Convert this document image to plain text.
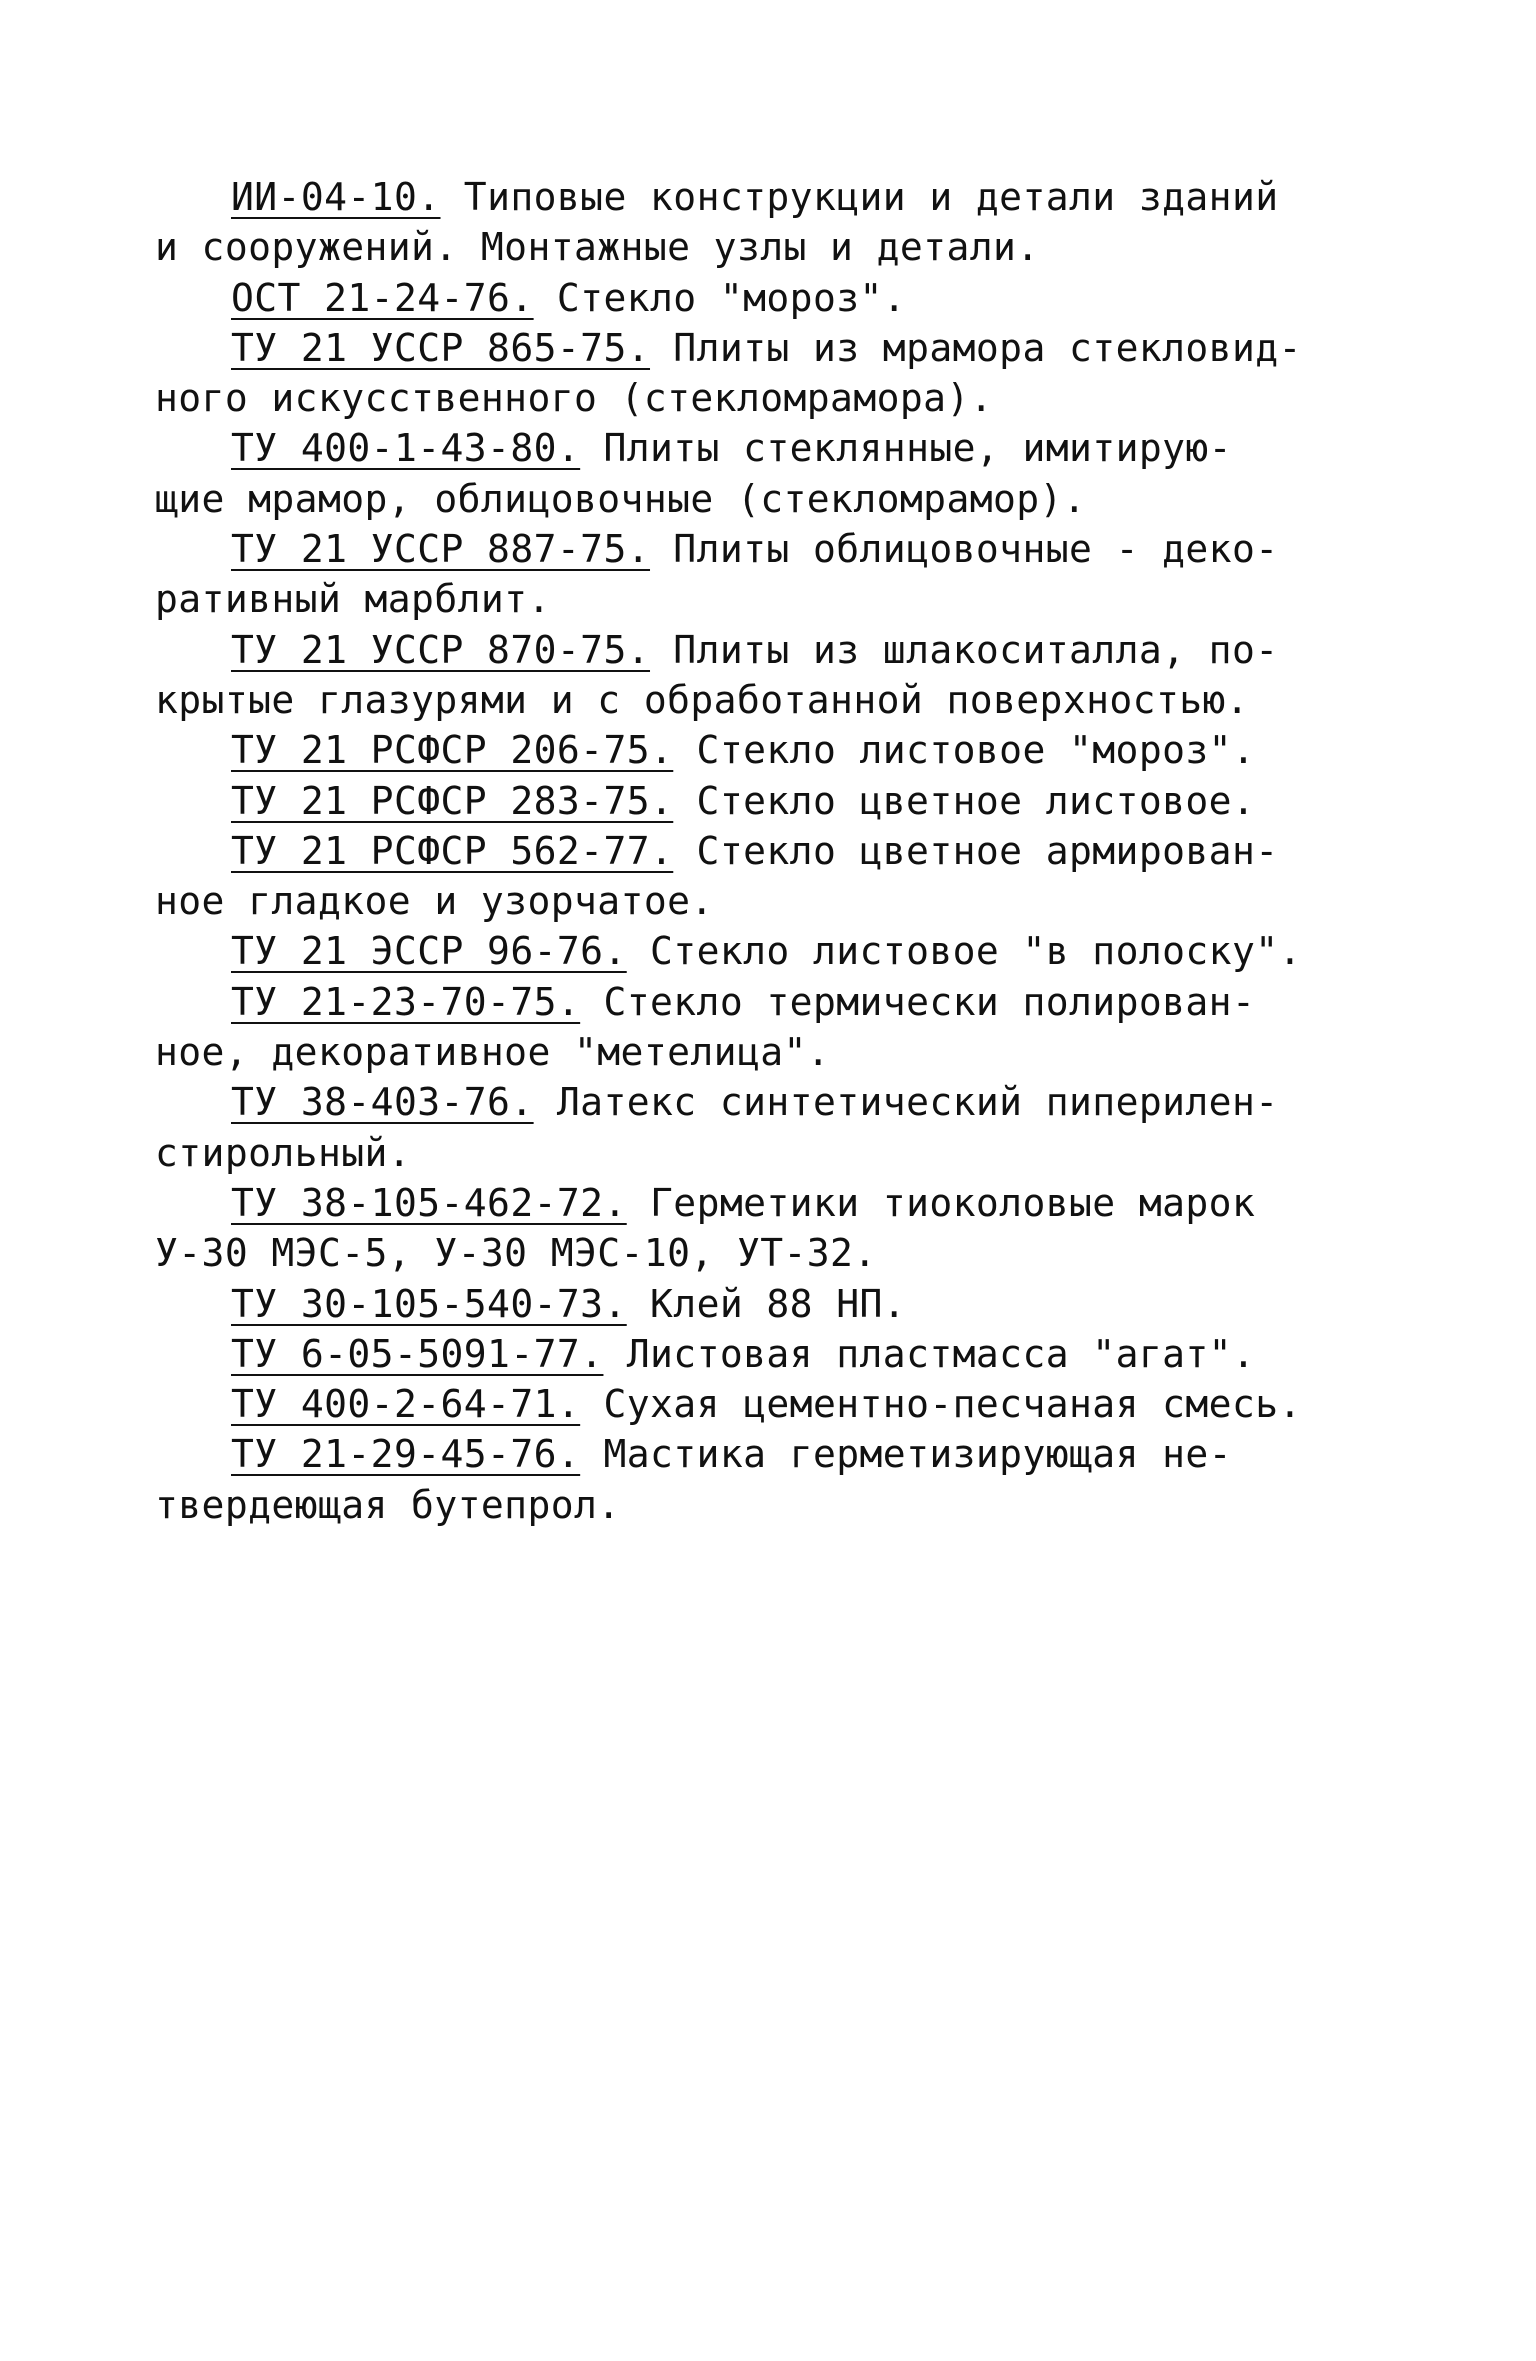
ИИ-04-10. Типовые конструкции и детали зданий
и сооружений. Монтажные узлы и детали.
ОСТ 21-24-76. Стекло "мороз".
ТУ 21 УССР 865-75. Плиты из мрамора стекловид-
ного искусственного (стекломрамора).
ТУ 400-1-43-80. Плиты стеклянные, имитирую-
щие мрамор, облицовочные (стекломрамор).
ТУ 21 УССР 887-75. Плиты облицовочные - деко-
ративный марблит.
ТУ 21 УССР 870-75. Плиты из шлакоситалла, по-
крытые глазурями и с обработанной поверхностью.
ТУ 21 РСФСР 206-75. Стекло листовое "мороз".
ТУ 21 РСФСР 283-75. Стекло цветное листовое.
ТУ 21 РСФСР 562-77. Стекло цветное армирован-
ное гладкое и узорчатое.
ТУ 21 ЭССР 96-76. Стекло листовое "в полоску".
ТУ 21-23-70-75. Стекло термически полирован-
ное, декоративное "метелица".
ТУ 38-403-76. Латекс синтетический пиперилен-
стирольный.
ТУ 38-105-462-72. Герметики тиоколовые марок
У-30 МЭС-5, У-30 МЭС-10, УТ-32.
ТУ 30-105-540-73. Клей 88 НП.
ТУ 6-05-5091-77. Листовая пластмасса "агат".
ТУ 400-2-64-71. Сухая цементно-песчаная смесь.
ТУ 21-29-45-76. Мастика герметизирующая не-
твердеющая бутепрол.
